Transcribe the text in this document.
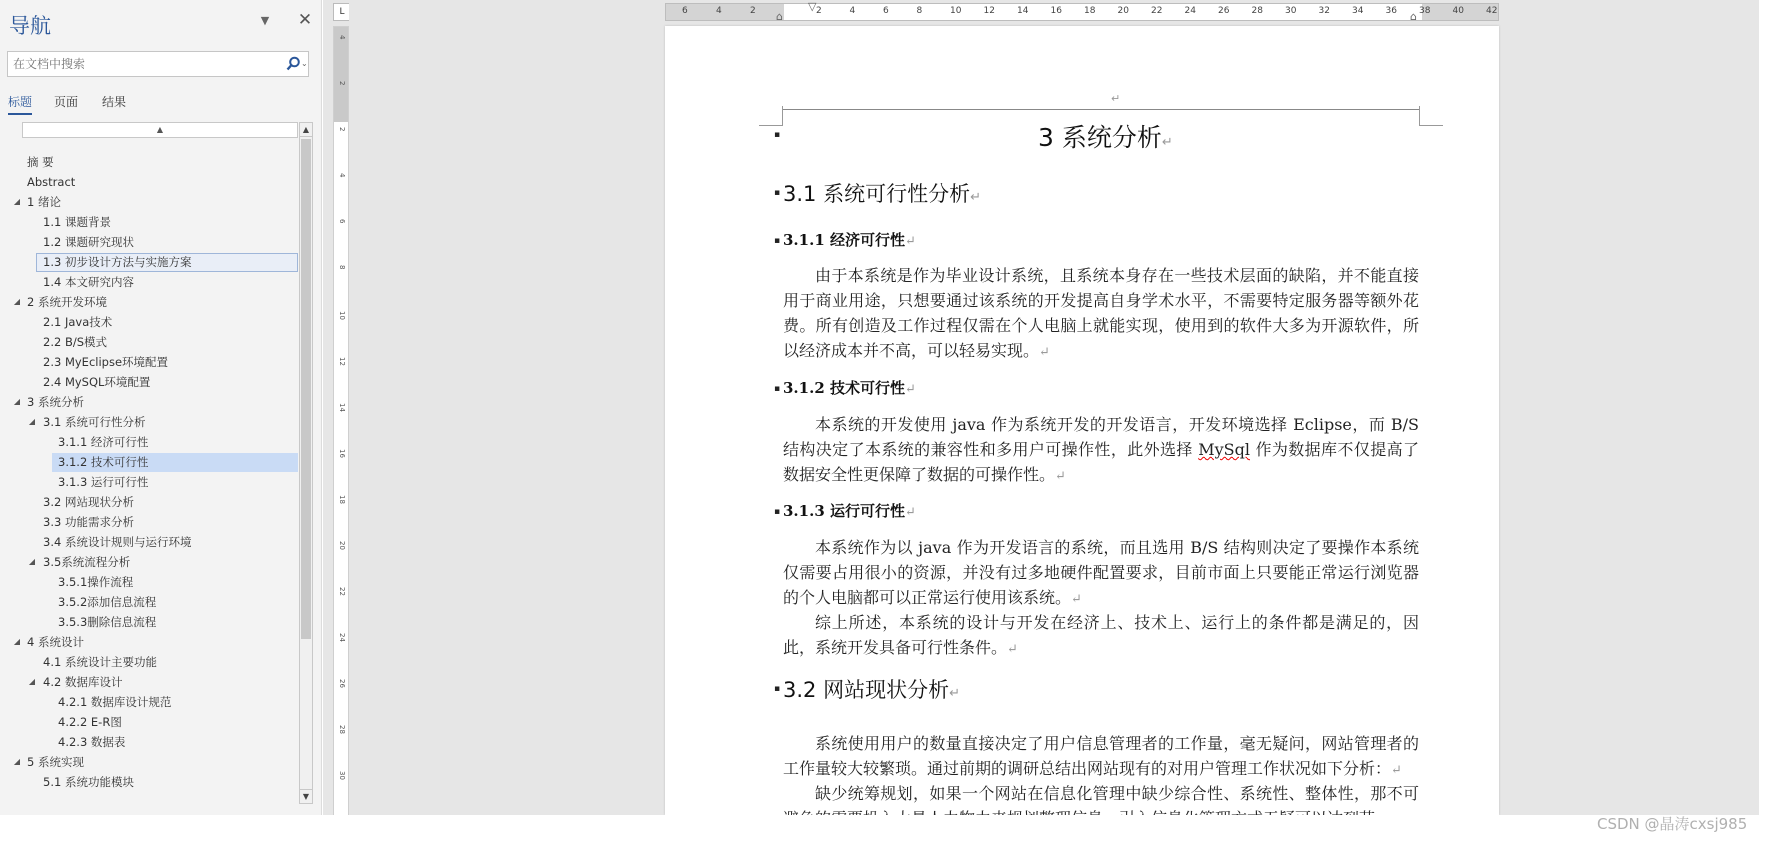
导航	▼ ✕
在文档中搜索
⌄
标题 页面 结果
▲
摘 要
Abstract
◢ 1 绪论
1.1 课题背景
1.2 课题研究现状
1.3 初步设计方法与实施方案
1.4 本文研究内容
◢ 2 系统开发环境
2.1 Java技术
2.2 B/S模式
2.3 MyEclipse环境配置
2.4 MySQL环境配置
◢ 3 系统分析
◢ 3.1 系统可行性分析
3.1.1 经济可行性
3.1.2 技术可行性
3.1.3 运行可行性
3.2 网站现状分析
3.3 功能需求分析
3.4 系统设计规则与运行环境
◢ 3.5系统流程分析
3.5.1操作流程
3.5.2添加信息流程
3.5.3删除信息流程
◢ 4 系统设计
4.1 系统设计主要功能
◢ 4.2 数据库设计
4.2.1 数据库设计规范
4.2.2 E-R图
4.2.3 数据表
◢ 5 系统实现
5.1 系统功能模块
▲
▼
L
4
2
2
4
6
8
10
12
14
16
18
20
22
24
26
28
30
6	4	2	2	4	6	8	10 12 14 16 18 20 22 24 26 28 30 32 34 36 38 40 42
▽
⌂	⌂
↵
▪	3 系统分析↵
▪ 3.1 系统可行性分析↵
▪ 3.1.1 经济可行性↵
由于本系统是作为毕业设计系统，且系统本身存在一些技术层面的缺陷，并不能直接用于商业用途，只想要通过该系统的开发提高自身学术水平，不需要特定服务器等额外花费。所有创造及工作过程仅需在个人电脑上就能实现，使用到的软件大多为开源软件，所以经济成本并不高，可以轻易实现。↵
▪ 3.1.2 技术可行性↵
本系统的开发使用 java 作为系统开发的开发语言，开发环境选择 Eclipse，而 B/S 结构决定了本系统的兼容性和多用户可操作性，此外选择 MySql 作为数据库不仅提高了数据安全性更保障了数据的可操作性。↵
▪ 3.1.3 运行可行性↵
本系统作为以 java 作为开发语言的系统，而且选用 B/S 结构则决定了要操作本系统仅需要占用很小的资源，并没有过多地硬件配置要求，目前市面上只要能正常运行浏览器的个人电脑都可以正常运行使用该系统。↵
综上所述，本系统的设计与开发在经济上、技术上、运行上的条件都是满足的，因此，系统开发具备可行性条件。↵
▪ 3.2 网站现状分析↵
系统使用用户的数量直接决定了用户信息管理者的工作量，毫无疑问，网站管理者的工作量较大较繁琐。通过前期的调研总结出网站现有的对用户管理工作状况如下分析：↵
缺少统筹规划，如果一个网站在信息化管理中缺少综合性、系统性、整体性，那不可
CSDN @晶涛cxsj985
